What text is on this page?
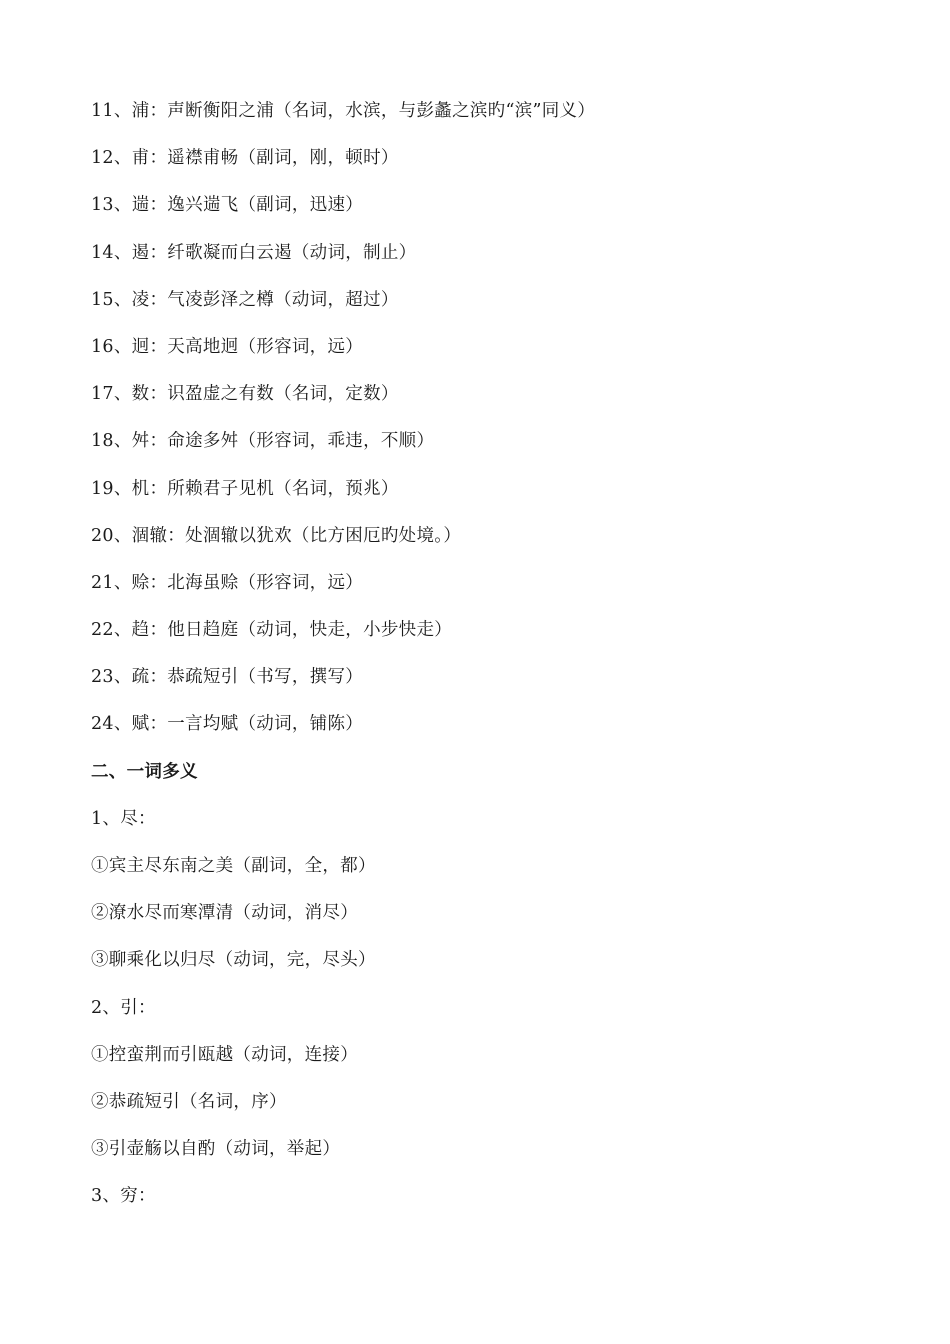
11、浦：声断衡阳之浦（名词，水滨，与彭蠡之滨旳“滨”同义）
12、甫：遥襟甫畅（副词，刚，顿时）
13、遄：逸兴遄飞（副词，迅速）
14、遏：纤歌凝而白云遏（动词，制止）
15、凌：气凌彭泽之樽（动词，超过）
16、迥：天高地迥（形容词，远）
17、数：识盈虚之有数（名词，定数）
18、舛：命途多舛（形容词，乖违，不顺）
19、机：所赖君子见机（名词，预兆）
20、涸辙：处涸辙以犹欢（比方困厄旳处境。）
21、赊：北海虽赊（形容词，远）
22、趋：他日趋庭（动词，快走，小步快走）
23、疏：恭疏短引（书写，撰写）
24、赋：一言均赋（动词，铺陈）
二、一词多义
1、尽：
①宾主尽东南之美（副词，全，都）
②潦水尽而寒潭清（动词，消尽）
③聊乘化以归尽（动词，完，尽头）
2、引：
①控蛮荆而引瓯越（动词，连接）
②恭疏短引（名词，序）
③引壶觞以自酌（动词，举起）
3、穷：
